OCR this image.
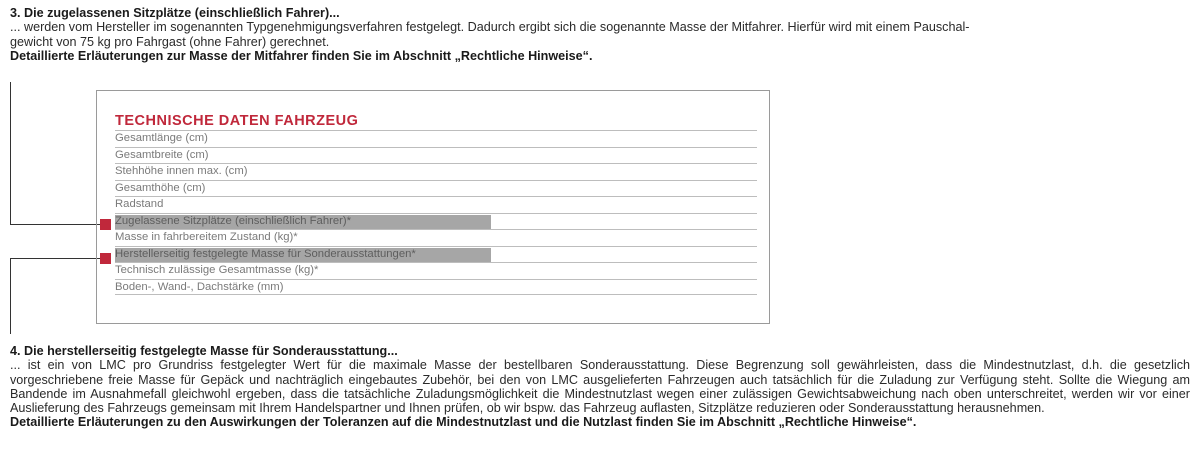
3. Die zugelassenen Sitzplätze (einschließlich Fahrer)...
... werden vom Hersteller im sogenannten Typgenehmigungsverfahren festgelegt. Dadurch ergibt sich die sogenannte Masse der Mitfahrer. Hierfür wird mit einem Pauschal-
gewicht von 75 kg pro Fahrgast (ohne Fahrer) gerechnet.
Detaillierte Erläuterungen zur Masse der Mitfahrer finden Sie im Abschnitt „Rechtliche Hinweise“.
TECHNISCHE DATEN FAHRZEUG
Gesamtlänge (cm)
Gesamtbreite (cm)
Stehhöhe innen max. (cm)
Gesamthöhe (cm)
Radstand
Zugelassene Sitzplätze (einschließlich Fahrer)*
Masse in fahrbereitem Zustand (kg)*
Herstellerseitig festgelegte Masse für Sonderausstattungen*
Technisch zulässige Gesamtmasse (kg)*
Boden-, Wand-, Dachstärke (mm)
4. Die herstellerseitig festgelegte Masse für Sonderausstattung...
... ist ein von LMC pro Grundriss festgelegter Wert für die maximale Masse der bestellbaren Sonderausstattung. Diese Begrenzung soll gewährleisten, dass die Mindestnutzlast, d.h. die gesetzlich vorgeschriebene freie Masse für Gepäck und nachträglich eingebautes Zubehör, bei den von LMC ausgelieferten Fahrzeugen auch tatsächlich für die Zuladung zur Verfügung steht. Sollte die Wiegung am Bandende im Ausnahmefall gleichwohl ergeben, dass die tatsächliche Zuladungsmöglichkeit die Mindestnutzlast wegen einer zulässigen Gewichtsabweichung nach oben unterschreitet, werden wir vor einer Auslieferung des Fahrzeugs gemeinsam mit Ihrem Handelspartner und Ihnen prüfen, ob wir bspw. das Fahrzeug auflasten, Sitzplätze reduzieren oder Sonderausstattung herausnehmen.
Detaillierte Erläuterungen zu den Auswirkungen der Toleranzen auf die Mindestnutzlast und die Nutzlast finden Sie im Abschnitt „Rechtliche Hinweise“.
